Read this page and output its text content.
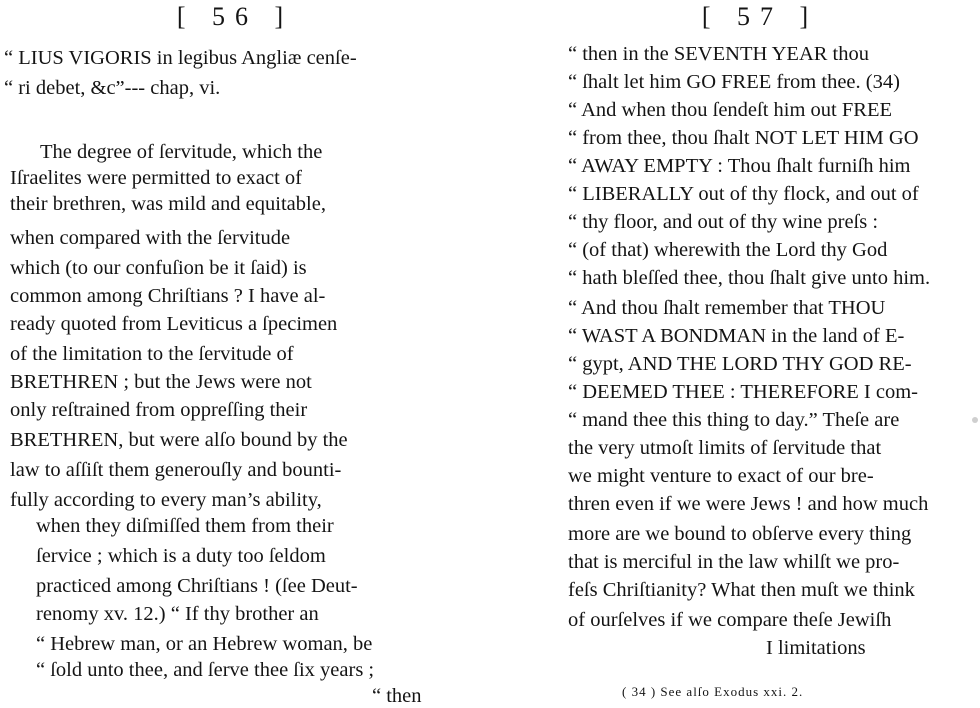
[ 56 ]
“ LIUS VIGORIS in legibus Angliæ cenſe-
“ ri debet, &c”--- chap, vi.
The degree of ſervitude, which the
Iſraelites were permitted to exact of
their brethren, was mild and equitable,
when compared with the ſervitude
which (to our confuſion be it ſaid) is
common among Chriſtians ? I have al-
ready quoted from Leviticus a ſpecimen
of the limitation to the ſervitude of
BRETHREN ; but the Jews were not
only reſtrained from oppreſſing their
BRETHREN, but were alſo bound by the
law to aſſiſt them generouſly and bounti-
fully according to every man’s ability,
when they diſmiſſed them from their
ſervice ; which is a duty too ſeldom
practiced among Chriſtians ! (ſee Deut-
renomy xv. 12.) “ If thy brother an
“ Hebrew man, or an Hebrew woman, be
“ ſold unto thee, and ſerve thee ſix years ;
“ then
[ 57 ]
“ then in the SEVENTH YEAR thou
“ ſhalt let him GO FREE from thee. (34)
“ And when thou ſendeſt him out FREE
“ from thee, thou ſhalt NOT LET HIM GO
“ AWAY EMPTY : Thou ſhalt furniſh him
“ LIBERALLY out of thy flock, and out of
“ thy floor, and out of thy wine preſs :
“ (of that) wherewith the Lord thy God
“ hath bleſſed thee, thou ſhalt give unto him.
“ And thou ſhalt remember that THOU
“ WAST A BONDMAN in the land of E-
“ gypt, AND THE LORD THY GOD RE-
“ DEEMED THEE : THEREFORE I com-
“ mand thee this thing to day.” Theſe are
the very utmoſt limits of ſervitude that
we might venture to exact of our bre-
thren even if we were Jews ! and how much
more are we bound to obſerve every thing
that is merciful in the law whilſt we pro-
feſs Chriſtianity? What then muſt we think
of ourſelves if we compare theſe Jewiſh
I limitations
( 34 ) See alſo Exodus xxi. 2.
